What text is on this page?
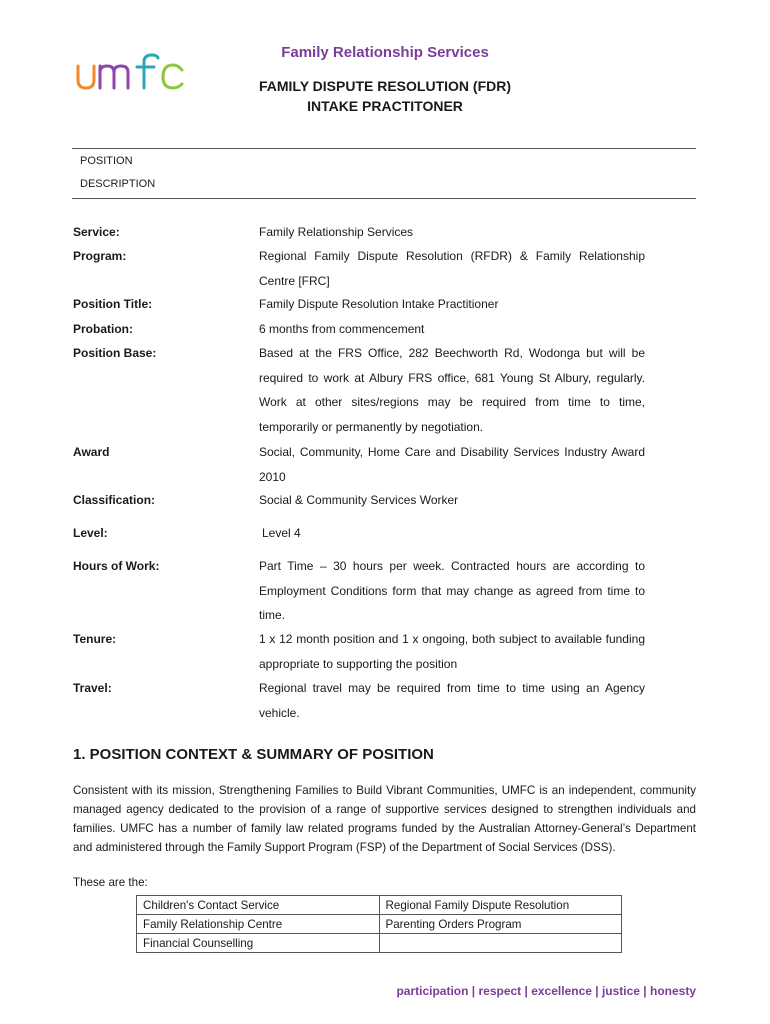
Family Relationship Services
FAMILY DISPUTE RESOLUTION (FDR)
INTAKE PRACTITONER
POSITION
DESCRIPTION
Service:	Family Relationship Services
Program:	Regional Family Dispute Resolution (RFDR) & Family Relationship Centre [FRC]
Position Title:	Family Dispute Resolution Intake Practitioner
Probation:	6 months from commencement
Position Base:	Based at the FRS Office, 282 Beechworth Rd, Wodonga but will be required to work at Albury FRS office, 681 Young St Albury, regularly. Work at other sites/regions may be required from time to time, temporarily or permanently by negotiation.
Award	Social, Community, Home Care and Disability Services Industry Award 2010
Classification:	Social & Community Services Worker
Level:	Level 4
Hours of Work:	Part Time – 30 hours per week. Contracted hours are according to Employment Conditions form that may change as agreed from time to time.
Tenure:	1 x 12 month position and 1 x ongoing, both subject to available funding appropriate to supporting the position
Travel:	Regional travel may be required from time to time using an Agency vehicle.
1. POSITION CONTEXT & SUMMARY OF POSITION
Consistent with its mission, Strengthening Families to Build Vibrant Communities, UMFC is an independent, community managed agency dedicated to the provision of a range of supportive services designed to strengthen individuals and families. UMFC has a number of family law related programs funded by the Australian Attorney-General’s Department and administered through the Family Support Program (FSP) of the Department of Social Services (DSS).
These are the:
Children's Contact Service	Regional Family Dispute Resolution
Family Relationship Centre	Parenting Orders Program
Financial Counselling	
participation | respect | excellence | justice | honesty
